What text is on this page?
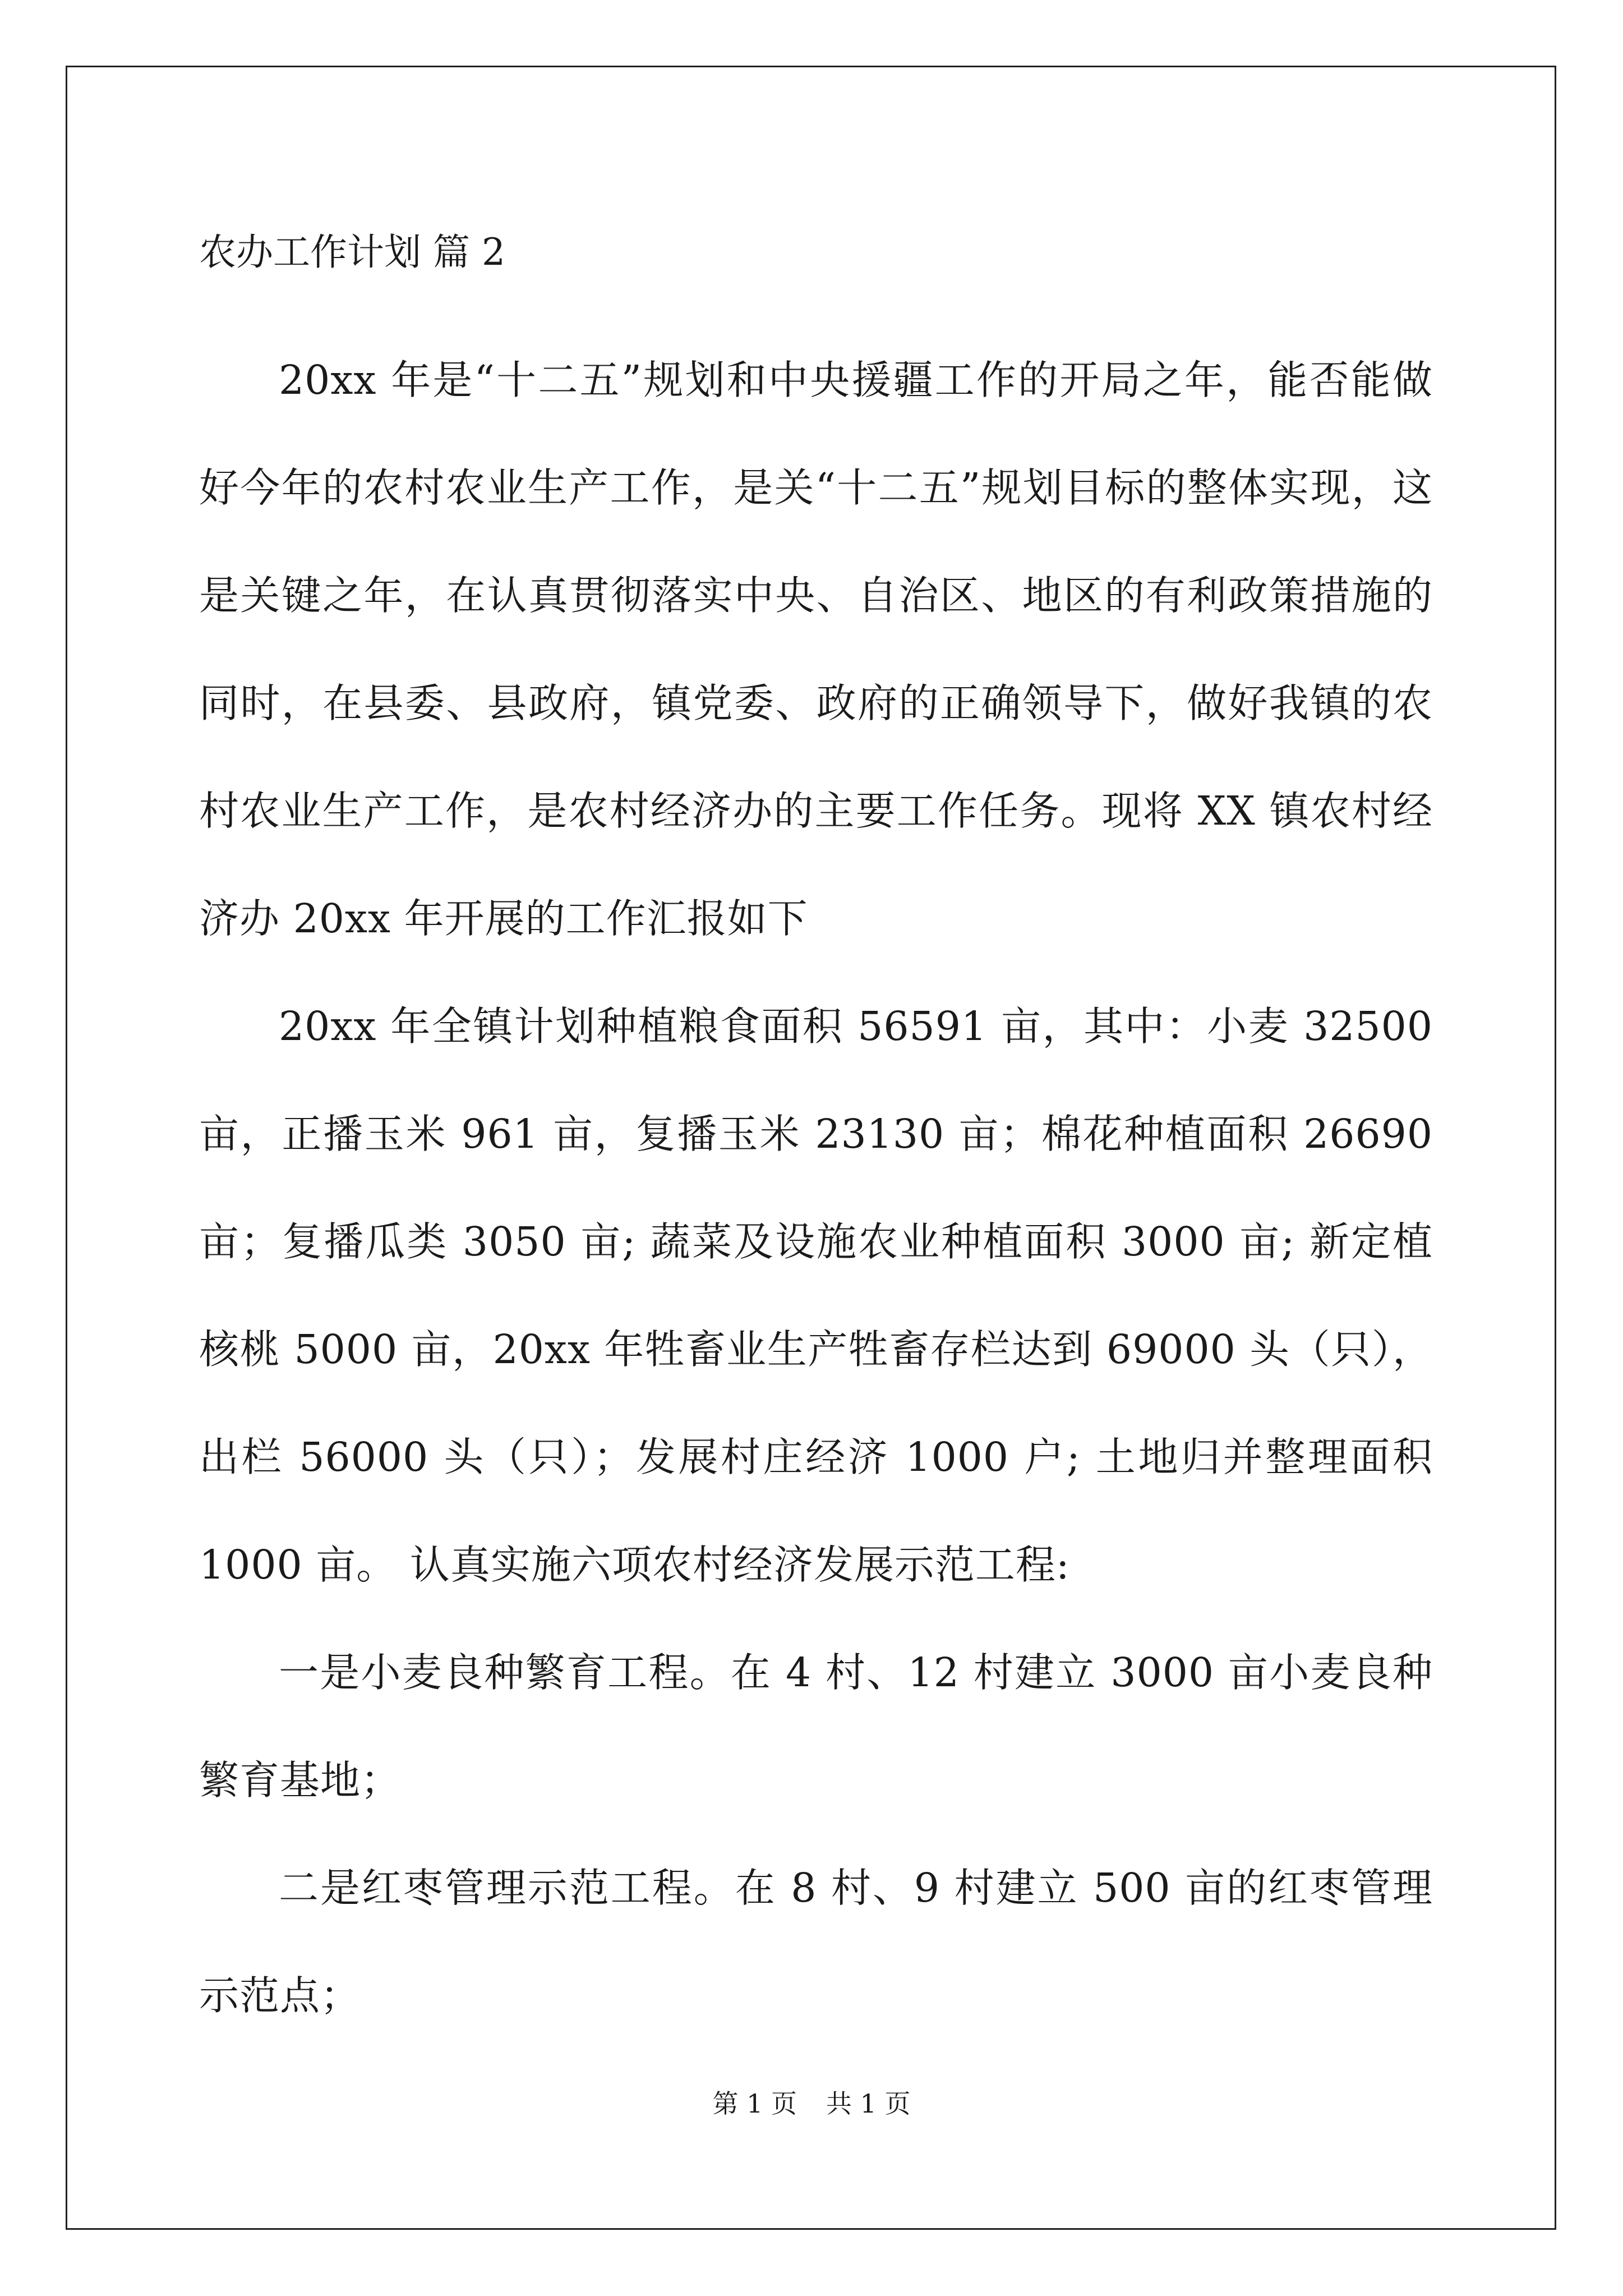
农办工作计划 篇 2

20xx 年是“十二五”规划和中央援疆工作的开局之年，能否能做好今年的农村农业生产工作，是关“十二五”规划目标的整体实现，这是关键之年，在认真贯彻落实中央、自治区、地区的有利政策措施的同时，在县委、县政府，镇党委、政府的正确领导下，做好我镇的农村农业生产工作，是农村经济办的主要工作任务。现将 XX 镇农村经济办 20xx 年开展的工作汇报如下

20xx 年全镇计划种植粮食面积 56591 亩，其中：小麦 32500 亩，正播玉米 961 亩，复播玉米 23130 亩；棉花种植面积 26690 亩；复播瓜类 3050 亩; 蔬菜及设施农业种植面积 3000 亩; 新定植核桃 5000 亩，20xx 年牲畜业生产牲畜存栏达到 69000 头（只），出栏 56000 头（只）；发展村庄经济 1000 户; 土地归并整理面积 1000 亩。 认真实施六项农村经济发展示范工程:

一是小麦良种繁育工程。在 4 村、12 村建立 3000 亩小麦良种繁育基地；

二是红枣管理示范工程。在 8 村、9 村建立 500 亩的红枣管理示范点；

第 1 页 共 1 页
